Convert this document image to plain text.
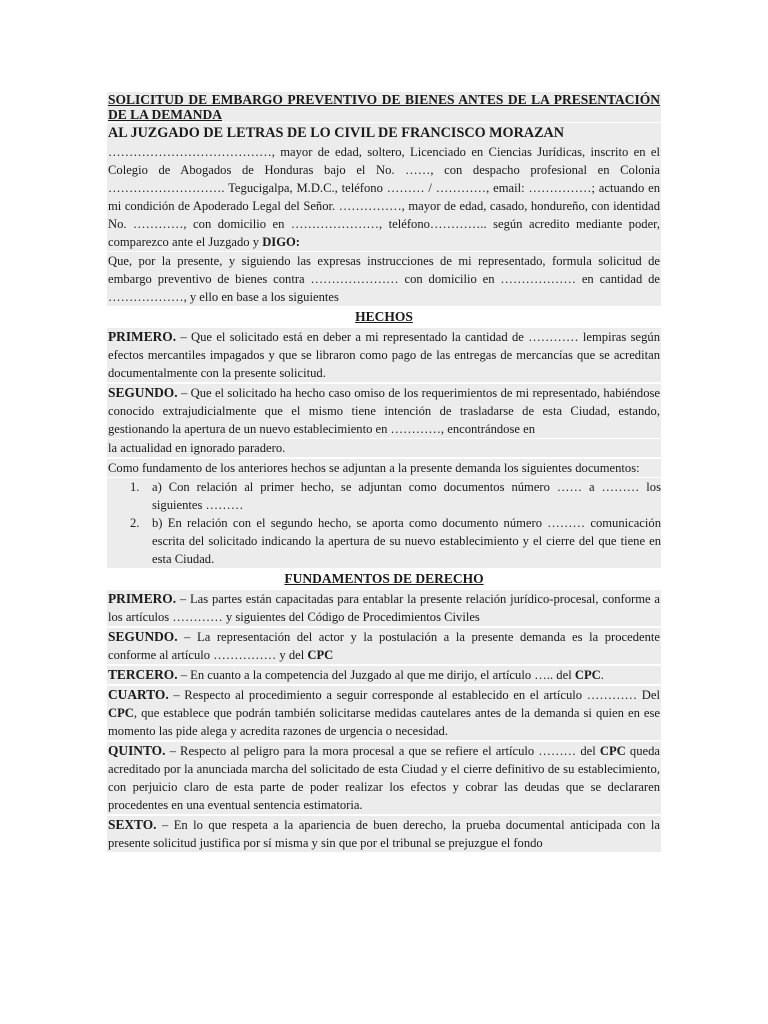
SOLICITUD DE EMBARGO PREVENTIVO DE BIENES ANTES DE LA PRESENTACIÓN DE LA DEMANDA
AL JUZGADO DE LETRAS DE LO CIVIL DE FRANCISCO MORAZAN

…………………………………, mayor de edad, soltero, Licenciado en Ciencias Jurídicas, inscrito en el Colegio de Abogados de Honduras bajo el No. ……, con despacho profesional en Colonia ………………………. Tegucigalpa, M.D.C., teléfono ……… / …………, email: ……………; actuando en mi condición de Apoderado Legal del Señor. ……………, mayor de edad, casado, hondureño, con identidad No. …………, con domicilio en …………………, teléfono………….. según acredito mediante poder, comparezco ante el Juzgado y DIGO:

Que, por la presente, y siguiendo las expresas instrucciones de mi representado, formula solicitud de embargo preventivo de bienes contra ………………… con domicilio en ……………… en cantidad de ………………, y ello en base a los siguientes

HECHOS

PRIMERO. – Que el solicitado está en deber a mi representado la cantidad de ………… lempiras según efectos mercantiles impagados y que se libraron como pago de las entregas de mercancías que se acreditan documentalmente con la presente solicitud.

SEGUNDO. – Que el solicitado ha hecho caso omiso de los requerimientos de mi representado, habiéndose conocido extrajudicialmente que el mismo tiene intención de trasladarse de esta Ciudad, estando, gestionando la apertura de un nuevo establecimiento en …………, encontrándose en

la actualidad en ignorado paradero.

Como fundamento de los anteriores hechos se adjuntan a la presente demanda los siguientes documentos:

1. a) Con relación al primer hecho, se adjuntan como documentos número …… a ……… los siguientes ………
2. b) En relación con el segundo hecho, se aporta como documento número ……… comunicación escrita del solicitado indicando la apertura de su nuevo establecimiento y el cierre del que tiene en esta Ciudad.
FUNDAMENTOS DE DERECHO

PRIMERO. – Las partes están capacitadas para entablar la presente relación jurídico-procesal, conforme a los artículos ………… y siguientes del Código de Procedimientos Civiles

SEGUNDO. – La representación del actor y la postulación a la presente demanda es la procedente conforme al artículo …………… y del CPC

TERCERO. – En cuanto a la competencia del Juzgado al que me dirijo, el artículo ….. del CPC.

CUARTO. – Respecto al procedimiento a seguir corresponde al establecido en el artículo ………… Del CPC, que establece que podrán también solicitarse medidas cautelares antes de la demanda si quien en ese momento las pide alega y acredita razones de urgencia o necesidad.

QUINTO. – Respecto al peligro para la mora procesal a que se refiere el artículo ……… del CPC queda acreditado por la anunciada marcha del solicitado de esta Ciudad y el cierre definitivo de su establecimiento, con perjuicio claro de esta parte de poder realizar los efectos y cobrar las deudas que se declararen procedentes en una eventual sentencia estimatoria.

SEXTO. – En lo que respeta a la apariencia de buen derecho, la prueba documental anticipada con la presente solicitud justifica por sí misma y sin que por el tribunal se prejuzgue el fondo
